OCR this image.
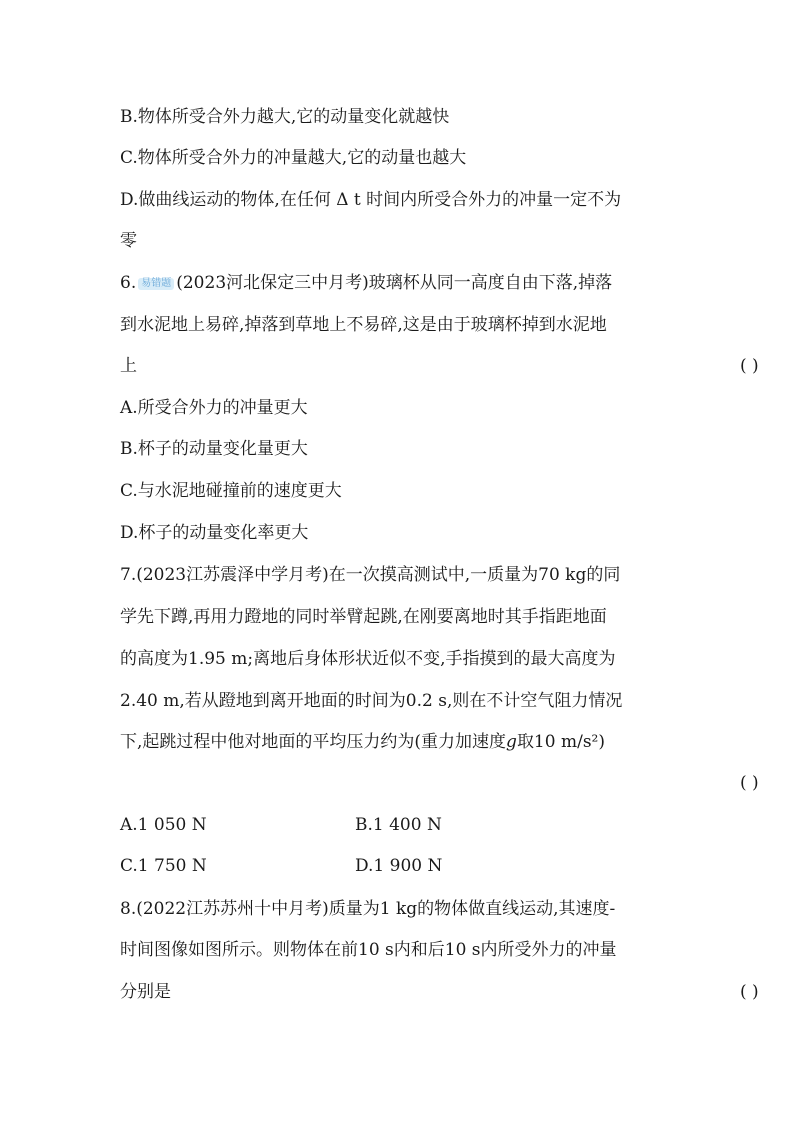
B.物体所受合外力越大,它的动量变化就越快
C.物体所受合外力的冲量越大,它的动量也越大
D.做曲线运动的物体,在任何 Δ t 时间内所受合外力的冲量一定不为
零
6. 易错题 (2023河北保定三中月考)玻璃杯从同一高度自由下落,掉落
到水泥地上易碎,掉落到草地上不易碎,这是由于玻璃杯掉到水泥地
上	( )
A.所受合外力的冲量更大
B.杯子的动量变化量更大
C.与水泥地碰撞前的速度更大
D.杯子的动量变化率更大
7.(2023江苏震泽中学月考)在一次摸高测试中,一质量为70 kg的同
学先下蹲,再用力蹬地的同时举臂起跳,在刚要离地时其手指距地面
的高度为1.95 m;离地后身体形状近似不变,手指摸到的最大高度为
2.40 m,若从蹬地到离开地面的时间为0.2 s,则在不计空气阻力情况
下,起跳过程中他对地面的平均压力约为(重力加速度g取10 m/s²)
( )
A.1 050 N	B.1 400 N
C.1 750 N	D.1 900 N
8.(2022江苏苏州十中月考)质量为1 kg的物体做直线运动,其速度-
时间图像如图所示。则物体在前10 s内和后10 s内所受外力的冲量
分别是	( )
